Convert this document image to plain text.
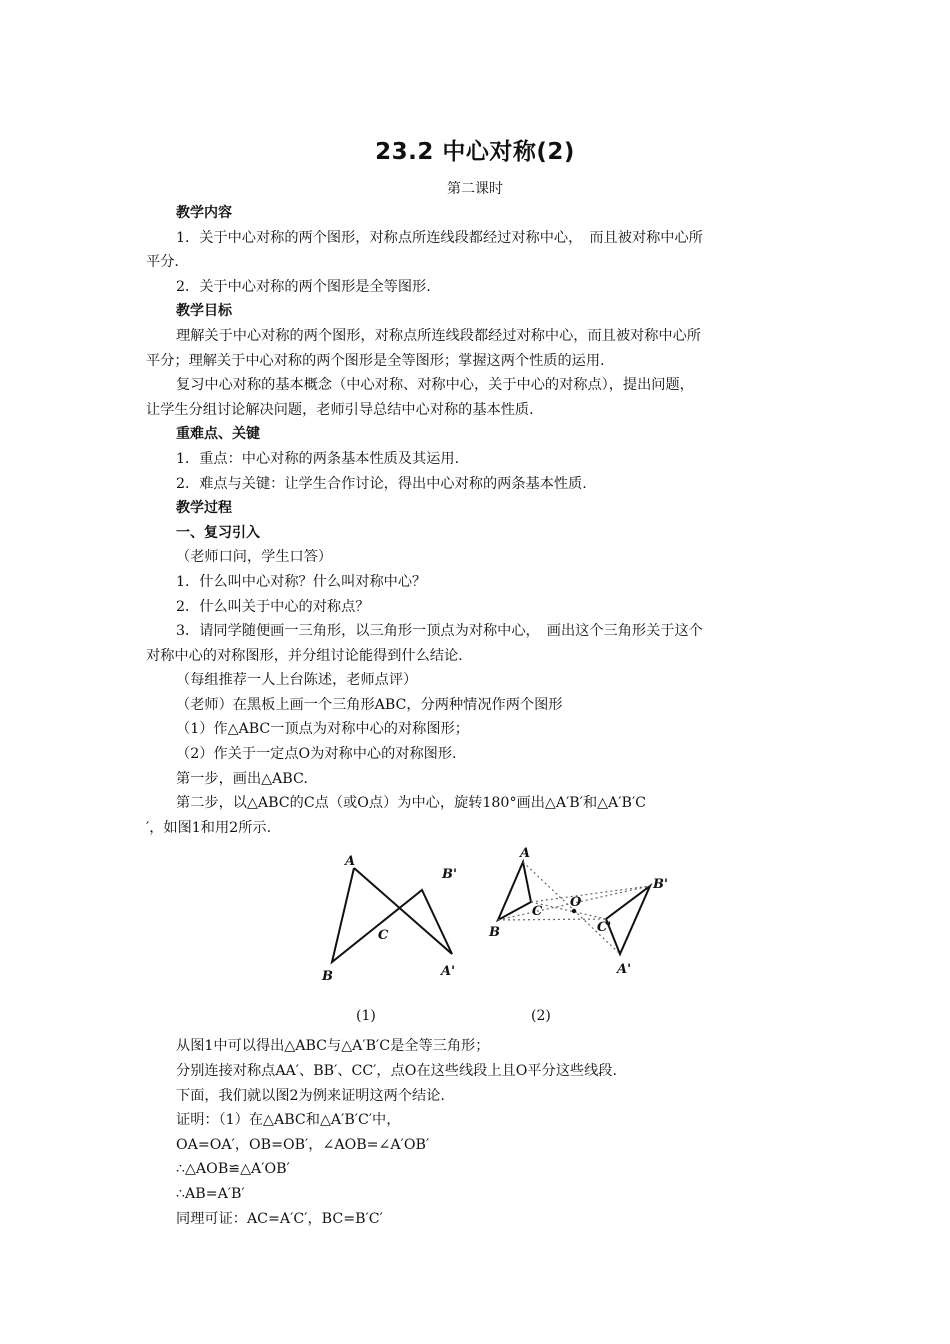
23.2 中心对称(2)
第二课时
教学内容
1．关于中心对称的两个图形，对称点所连线段都经过对称中心，　而且被对称中心所
平分.
2．关于中心对称的两个图形是全等图形.
教学目标
理解关于中心对称的两个图形，对称点所连线段都经过对称中心，而且被对称中心所
平分；理解关于中心对称的两个图形是全等图形；掌握这两个性质的运用.
复习中心对称的基本概念（中心对称、对称中心，关于中心的对称点），提出问题，
让学生分组讨论解决问题，老师引导总结中心对称的基本性质.
重难点、关键
1．重点：中心对称的两条基本性质及其运用.
2．难点与关键：让学生合作讨论，得出中心对称的两条基本性质.
教学过程
一、复习引入
（老师口问，学生口答）
1．什么叫中心对称？什么叫对称中心？
2．什么叫关于中心的对称点？
3．请同学随便画一三角形，以三角形一顶点为对称中心，　画出这个三角形关于这个
对称中心的对称图形，并分组讨论能得到什么结论.
（每组推荐一人上台陈述，老师点评）
（老师）在黑板上画一个三角形ABC，分两种情况作两个图形
（1）作△ABC一顶点为对称中心的对称图形；
（2）作关于一定点O为对称中心的对称图形.
第一步，画出△ABC.
第二步，以△ABC的C点（或O点）为中心，旋转180°画出△A′B′和△A′B′C
′，如图1和用2所示.
A
B
C
A'
B'
A
B
C
O
B'
C'
A'
(1)	(2)
从图1中可以得出△ABC与△A′B′C是全等三角形；
分别连接对称点AA′、BB′、CC′，点O在这些线段上且O平分这些线段.
下面，我们就以图2为例来证明这两个结论.
证明：（1）在△ABC和△A′B′C′中，
OA=OA′，OB=OB′，∠AOB=∠A′OB′
∴△AOB≌△A′OB′
∴AB=A′B′
同理可证：AC=A′C′，BC=B′C′
